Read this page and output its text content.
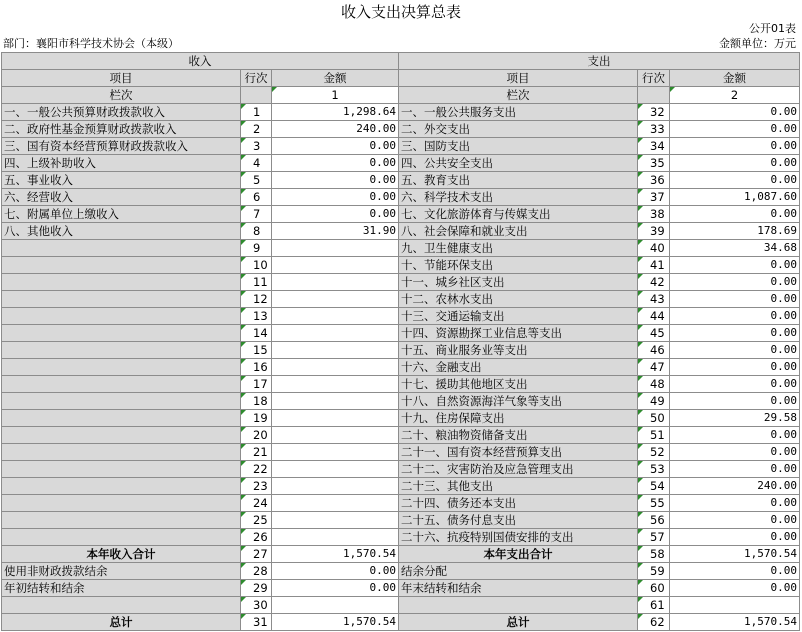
收入支出决算总表
公开01表
部门：襄阳市科学技术协会（本级）	金额单位：万元
收入			支出		
项目	行次	金额	项目	行次	金额
栏次		1	栏次		2
一、一般公共预算财政拨款收入	1	1,298.64	一、一般公共服务支出	32	0.00
二、政府性基金预算财政拨款收入	2	240.00	二、外交支出	33	0.00
三、国有资本经营预算财政拨款收入	3	0.00	三、国防支出	34	0.00
四、上级补助收入	4	0.00	四、公共安全支出	35	0.00
五、事业收入	5	0.00	五、教育支出	36	0.00
六、经营收入	6	0.00	六、科学技术支出	37	1,087.60
七、附属单位上缴收入	7	0.00	七、文化旅游体育与传媒支出	38	0.00
八、其他收入	8	31.90	八、社会保障和就业支出	39	178.69
	9		九、卫生健康支出	40	34.68
	10		十、节能环保支出	41	0.00
	11		十一、城乡社区支出	42	0.00
	12		十二、农林水支出	43	0.00
	13		十三、交通运输支出	44	0.00
	14		十四、资源勘探工业信息等支出	45	0.00
	15		十五、商业服务业等支出	46	0.00
	16		十六、金融支出	47	0.00
	17		十七、援助其他地区支出	48	0.00
	18		十八、自然资源海洋气象等支出	49	0.00
	19		十九、住房保障支出	50	29.58
	20		二十、粮油物资储备支出	51	0.00
	21		二十一、国有资本经营预算支出	52	0.00
	22		二十二、灾害防治及应急管理支出	53	0.00
	23		二十三、其他支出	54	240.00
	24		二十四、债务还本支出	55	0.00
	25		二十五、债务付息支出	56	0.00
	26		二十六、抗疫特别国债安排的支出	57	0.00
本年收入合计	27	1,570.54	本年支出合计	58	1,570.54
使用非财政拨款结余	28	0.00	结余分配	59	0.00
年初结转和结余	29	0.00	年末结转和结余	60	0.00
	30			61	
总计	31	1,570.54	总计	62	1,570.54
